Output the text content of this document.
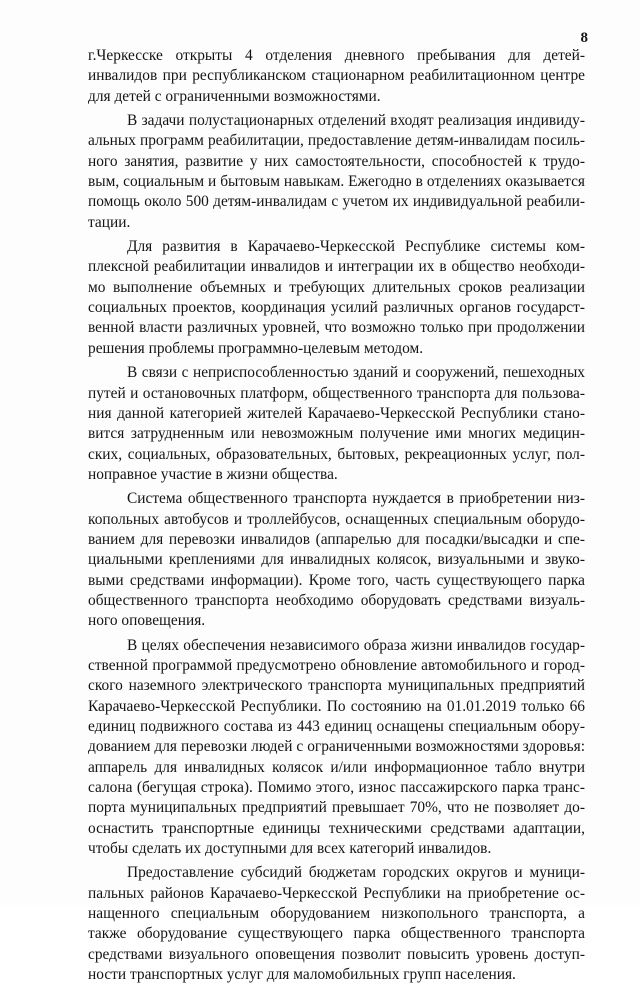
8
г.Черкесске открыты 4 отделения дневного пребывания для детей-
инвалидов при республиканском стационарном реабилитационном центре
для детей с ограниченными возможностями.
В задачи полустационарных отделений входят реализация индивиду-
альных программ реабилитации, предоставление детям-инвалидам посиль-
ного занятия, развитие у них самостоятельности, способностей к трудо-
вым, социальным и бытовым навыкам. Ежегодно в отделениях оказывается
помощь около 500 детям-инвалидам с учетом их индивидуальной реабили-
тации.
Для развития в Карачаево-Черкесской Республике системы ком-
плексной реабилитации инвалидов и интеграции их в общество необходи-
мо выполнение объемных и требующих длительных сроков реализации
социальных проектов, координация усилий различных органов государст-
венной власти различных уровней, что возможно только при продолжении
решения проблемы программно-целевым методом.
В связи с неприспособленностью зданий и сооружений, пешеходных
путей и остановочных платформ, общественного транспорта для пользова-
ния данной категорией жителей Карачаево-Черкесской Республики стано-
вится затрудненным или невозможным получение ими многих медицин-
ских, социальных, образовательных, бытовых, рекреационных услуг, пол-
ноправное участие в жизни общества.
Система общественного транспорта нуждается в приобретении низ-
копольных автобусов и троллейбусов, оснащенных специальным оборудо-
ванием для перевозки инвалидов (аппарелью для посадки/высадки и спе-
циальными креплениями для инвалидных колясок, визуальными и звуко-
выми средствами информации). Кроме того, часть существующего парка
общественного транспорта необходимо оборудовать средствами визуаль-
ного оповещения.
В целях обеспечения независимого образа жизни инвалидов государ-
ственной программой предусмотрено обновление автомобильного и город-
ского наземного электрического транспорта муниципальных предприятий
Карачаево-Черкесской Республики. По состоянию на 01.01.2019 только 66
единиц подвижного состава из 443 единиц оснащены специальным обору-
дованием для перевозки людей с ограниченными возможностями здоровья:
аппарель для инвалидных колясок и/или информационное табло внутри
салона (бегущая строка). Помимо этого, износ пассажирского парка транс-
порта муниципальных предприятий превышает 70%, что не позволяет до-
оснастить транспортные единицы техническими средствами адаптации,
чтобы сделать их доступными для всех категорий инвалидов.
Предоставление субсидий бюджетам городских округов и муници-
пальных районов Карачаево-Черкесской Республики на приобретение ос-
нащенного специальным оборудованием низкопольного транспорта, а
также оборудование существующего парка общественного транспорта
средствами визуального оповещения позволит повысить уровень доступ-
ности транспортных услуг для маломобильных групп населения.
